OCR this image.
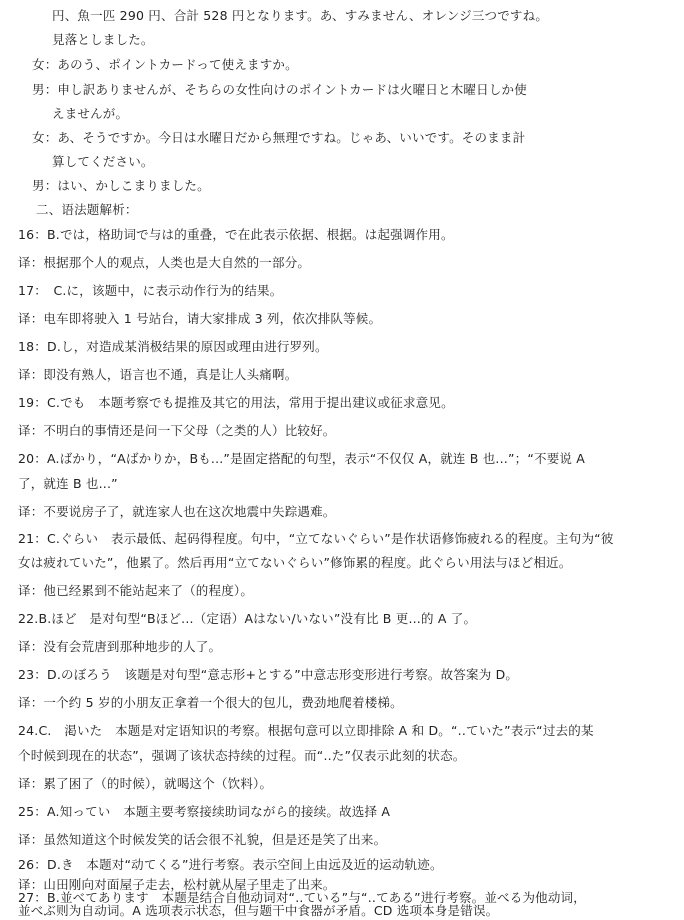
円、魚一匹 290 円、合計 528 円となります。あ、すみません、オレンジ三つですね。
見落としました。
女：あのう、ポイントカードって使えますか。
男：申し訳ありませんが、そちらの女性向けのポイントカードは火曜日と木曜日しか使
えませんが。
女：あ、そうですか。今日は水曜日だから無理ですね。じゃあ、いいです。そのまま計
算してください。
男：はい、かしこまりました。
二、语法题解析：
16：B.では，格助词で与は的重叠，で在此表示依据、根据。は起强调作用。
译：根据那个人的观点，人类也是大自然的一部分。
17：　C.に，该题中，に表示动作行为的结果。
译：电车即将驶入 1 号站台，请大家排成 3 列，依次排队等候。
18：D.し，对造成某消极结果的原因或理由进行罗列。
译：即没有熟人，语言也不通，真是让人头痛啊。
19：C.でも　本题考察でも提推及其它的用法，常用于提出建议或征求意见。
译：不明白的事情还是问一下父母（之类的人）比较好。
20：A.ばかり，“Aばかりか，Bも...”是固定搭配的句型，表示“不仅仅 A，就连 B 也...”；“不要说 A
了，就连 B 也...”
译：不要说房子了，就连家人也在这次地震中失踪遇难。
21：C.ぐらい　表示最低、起码得程度。句中，“立てないぐらい”是作状语修饰疲れる的程度。主句为“彼
女は疲れていた”，他累了。然后再用“立てないぐらい”修饰累的程度。此ぐらい用法与ほど相近。
译：他已经累到不能站起来了（的程度）。
22.B.ほど　是对句型“Bほど...（定语）Aはない/いない”没有比 B 更...的 A 了。
译：没有会荒唐到那种地步的人了。
23：D.のぼろう　该题是对句型“意志形+とする”中意志形变形进行考察。故答案为 D。
译：一个约 5 岁的小朋友正拿着一个很大的包儿，费劲地爬着楼梯。
24.C.　渇いた　本题是对定语知识的考察。根据句意可以立即排除 A 和 D。“..ていた”表示“过去的某
个时候到现在的状态”，强调了该状态持续的过程。而“..た”仅表示此刻的状态。
译：累了困了（的时候），就喝这个（饮料）。
25：A.知ってい　本题主要考察接续助词ながら的接续。故选择 A
译：虽然知道这个时候发笑的话会很不礼貌，但是还是笑了出来。
26：D.き　本题对“动てくる”进行考察。表示空间上由远及近的运动轨迹。
译：山田刚向对面屋子走去，松村就从屋子里走了出来。
27：B.並べてあります　本题是结合自他动词对“..ている”与“..てある”进行考察。並べる为他动词，
並べぶ则为自动词。A 选项表示状态，但与题干中食器が矛盾。CD 选项本身是错误。
